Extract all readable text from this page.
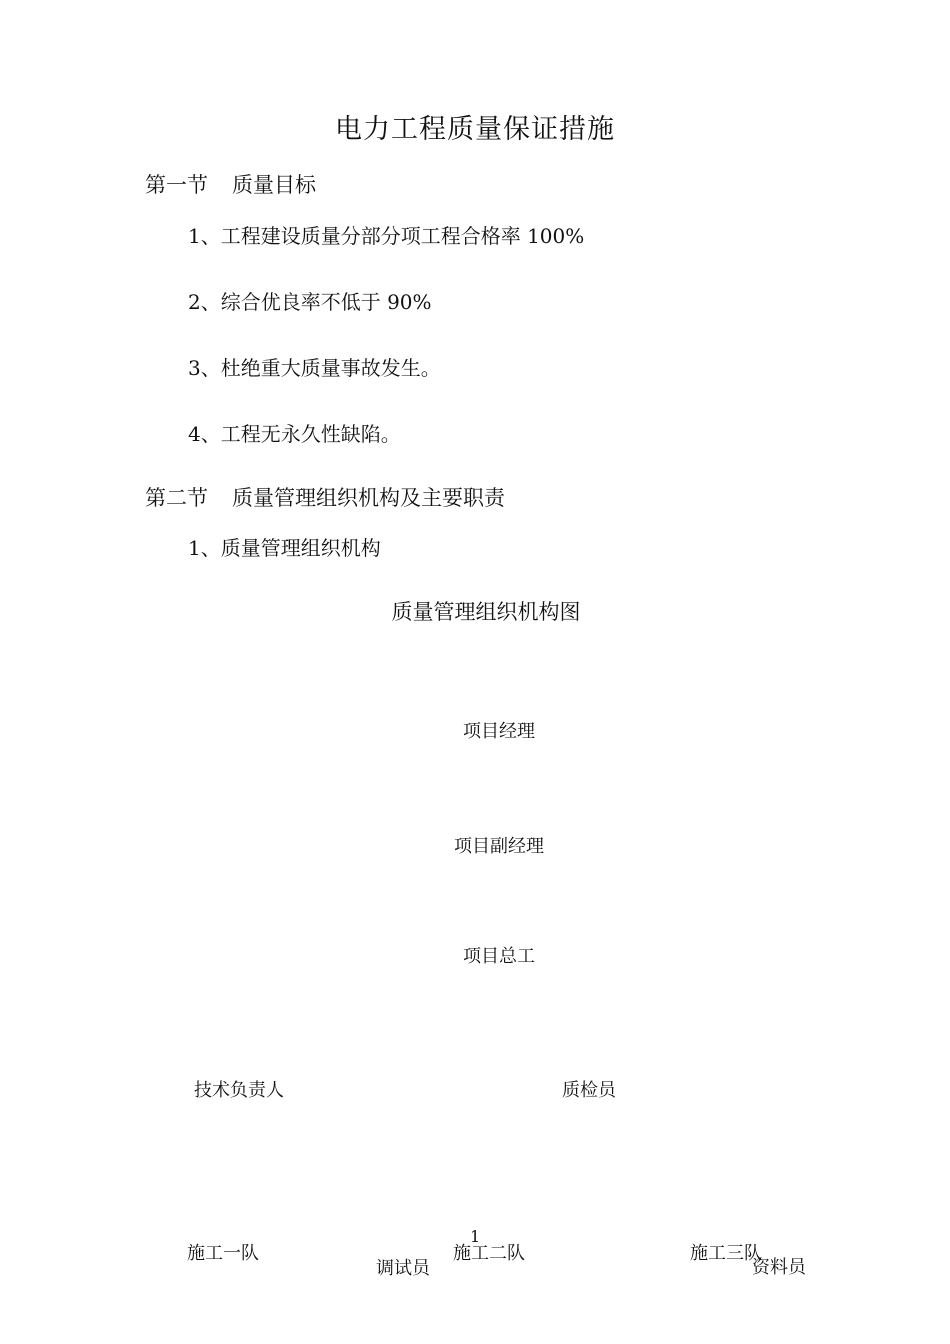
电力工程质量保证措施
第一节 质量目标
1、工程建设质量分部分项工程合格率 100%
2、综合优良率不低于 90%
3、杜绝重大质量事故发生。
4、工程无永久性缺陷。
第二节 质量管理组织机构及主要职责
1、质量管理组织机构
质量管理组织机构图
项目经理
项目副经理
项目总工
技术负责人	质检员
施工一队
调试员
施工二队	施工三队
资料员
1
